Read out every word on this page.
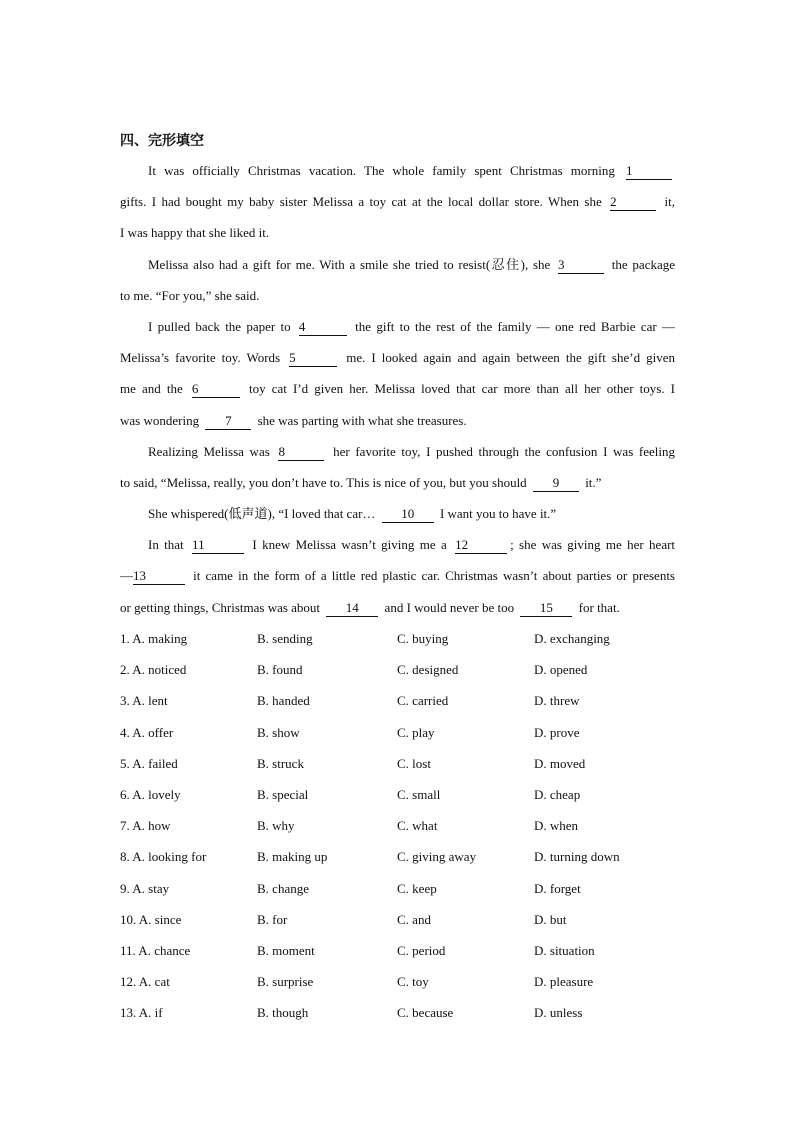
四、完形填空
It was officially Christmas vacation. The whole family spent Christmas morning 1
gifts. I had bought my baby sister Melissa a toy cat at the local dollar store. When she 2	it,
I was happy that she liked it.
Melissa also had a gift for me. With a smile she tried to resist(忍住), she 3	the package
to me. “For you,” she said.
I pulled back the paper to 4	the gift to the rest of the family — one red Barbie car —
Melissa’s favorite toy. Words 5	me. I looked again and again between the gift she’d given
me and the 6	toy cat I’d given her. Melissa loved that car more than all her other toys. I
was wondering 7 she was parting with what she treasures.
Realizing Melissa was 8	her favorite toy, I pushed through the confusion I was feeling
to said, “Melissa, really, you don’t have to. This is nice of you, but you should 9 it.”
She whispered(低声道), “I loved that car… 10 I want you to have it.”
In that 11	I knew Melissa wasn’t giving me a 12	; she was giving me her heart
—13	it came in the form of a little red plastic car. Christmas wasn’t about parties or presents
or getting things, Christmas was about 14 and I would never be too 15 for that.
1. A. making	B. sending	C. buying	D. exchanging
2. A. noticed	B. found	C. designed	D. opened
3. A. lent	B. handed	C. carried	D. threw
4. A. offer	B. show	C. play	D. prove
5. A. failed	B. struck	C. lost	D. moved
6. A. lovely	B. special	C. small	D. cheap
7. A. how	B. why	C. what	D. when
8. A. looking for	B. making up	C. giving away	D. turning down
9. A. stay	B. change	C. keep	D. forget
10. A. since	B. for	C. and	D. but
11. A. chance	B. moment	C. period	D. situation
12. A. cat	B. surprise	C. toy	D. pleasure
13. A. if	B. though	C. because	D. unless
